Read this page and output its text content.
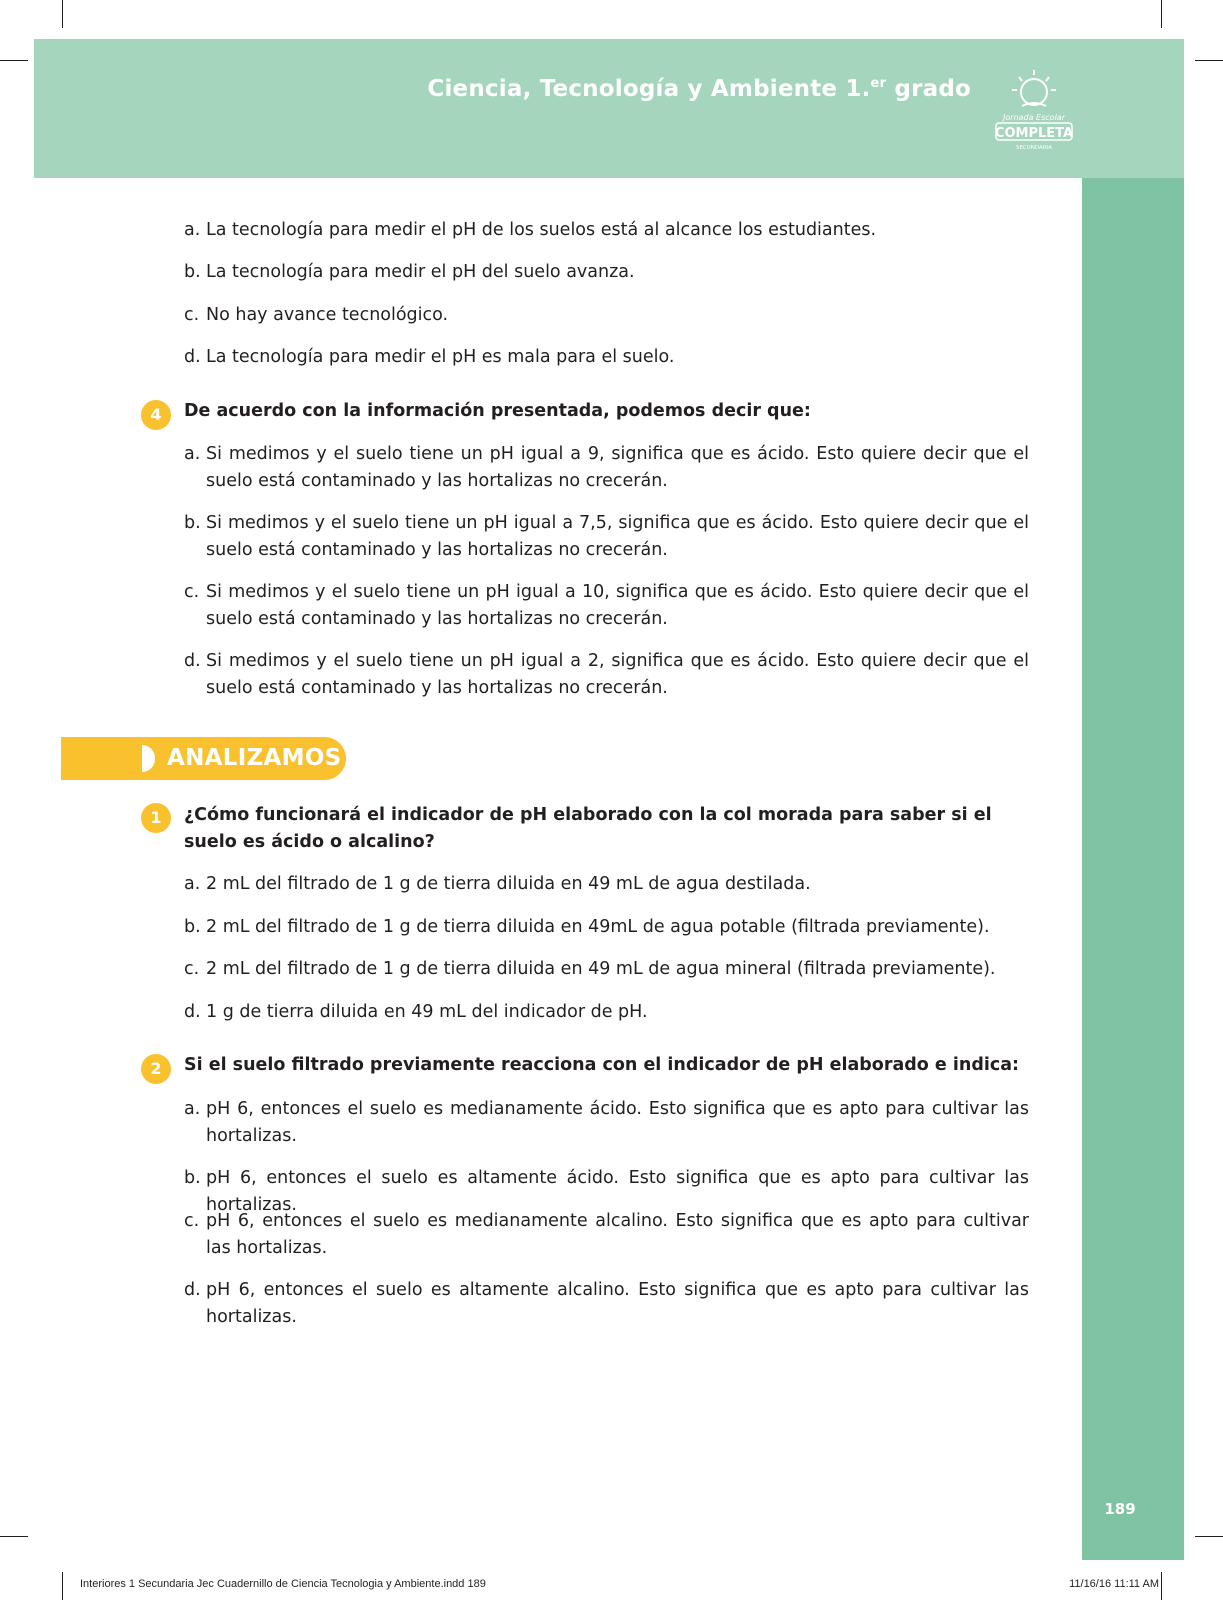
Ciencia, Tecnología y Ambiente 1.$^{er}$ grado
Jornada Escolar
COMPLETA
SECUNDARIA
a. La tecnología para medir el pH de los suelos está al alcance los estudiantes.
b. La tecnología para medir el pH del suelo avanza.
c. No hay avance tecnológico.
d. La tecnología para medir el pH es mala para el suelo.
4	De acuerdo con la información presentada, podemos decir que:
a. Si medimos y el suelo tiene un pH igual a 9, significa que es ácido. Esto quiere decir que el suelo está contaminado y las hortalizas no crecerán.
b. Si medimos y el suelo tiene un pH igual a 7,5, significa que es ácido. Esto quiere decir que el suelo está contaminado y las hortalizas no crecerán.
c. Si medimos y el suelo tiene un pH igual a 10, significa que es ácido. Esto quiere decir que el suelo está contaminado y las hortalizas no crecerán.
d. Si medimos y el suelo tiene un pH igual a 2, significa que es ácido. Esto quiere decir que el suelo está contaminado y las hortalizas no crecerán.
ANALIZAMOS
1	¿Cómo funcionará el indicador de pH elaborado con la col morada para saber si el suelo es ácido o alcalino?
a. 2 mL del filtrado de 1 g de tierra diluida en 49 mL de agua destilada.
b. 2 mL del filtrado de 1 g de tierra diluida en 49mL de agua potable (filtrada previamente).
c. 2 mL del filtrado de 1 g de tierra diluida en 49 mL de agua mineral (filtrada previamente).
d. 1 g de tierra diluida en 49 mL del indicador de pH.
2	Si el suelo filtrado previamente reacciona con el indicador de pH elaborado e indica:
a. pH 6, entonces el suelo es medianamente ácido. Esto significa que es apto para cultivar las hortalizas.
b. pH 6, entonces el suelo es altamente ácido. Esto significa que es apto para cultivar las hortalizas.
c. pH 6, entonces el suelo es medianamente alcalino. Esto significa que es apto para cultivar las hortalizas.
d. pH 6, entonces el suelo es altamente alcalino. Esto significa que es apto para cultivar las hortalizas.
189
Interiores 1 Secundaria Jec Cuadernillo de Ciencia Tecnologia y Ambiente.indd 189	11/16/16 11:11 AM
